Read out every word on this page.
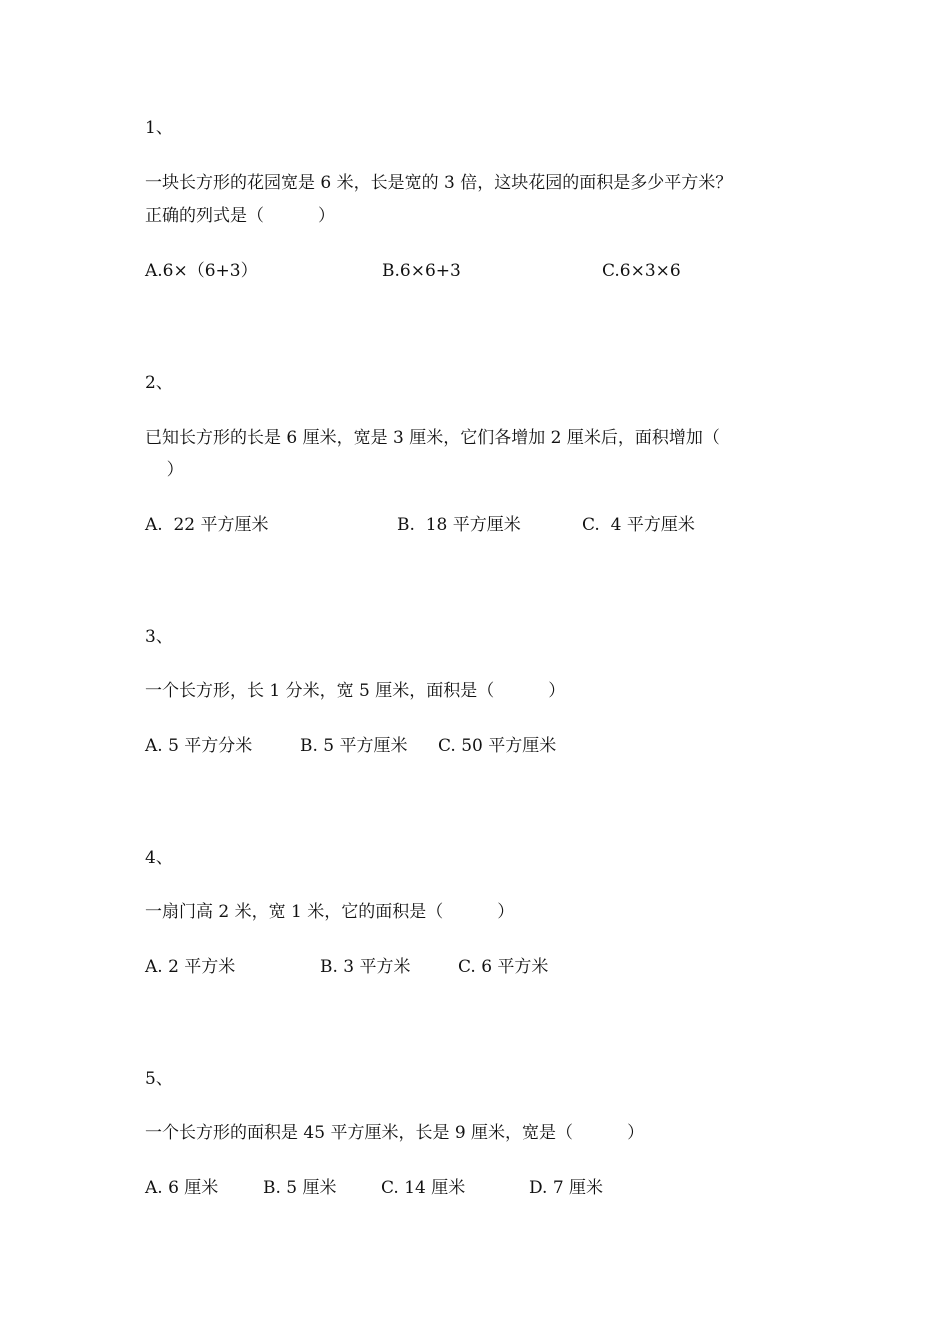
1、
一块长方形的花园宽是 6 米，长是宽的 3 倍，这块花园的面积是多少平方米？
正确的列式是（          ）

A.6×（6+3）

	B.6×6+3

	C.6×3×6

2、
已知长方形的长是 6 厘米，宽是 3 厘米，它们各增加 2 厘米后，面积增加（
）

A.  22 平方厘米

	B.  18 平方厘米

	C.  4 平方厘米

3、
一个长方形，长 1 分米，宽 5 厘米，面积是（          ）

A. 5 平方分米

	B. 5 平方厘米

C. 50 平方厘米

4、
一扇门高 2 米，宽 1 米，它的面积是（          ）

A. 2 平方米

	B. 3 平方米

	C. 6 平方米

5、
一个长方形的面积是 45 平方厘米，长是 9 厘米，宽是（          ）

A. 6 厘米

	B. 5 厘米

	C. 14 厘米

	D. 7 厘米
